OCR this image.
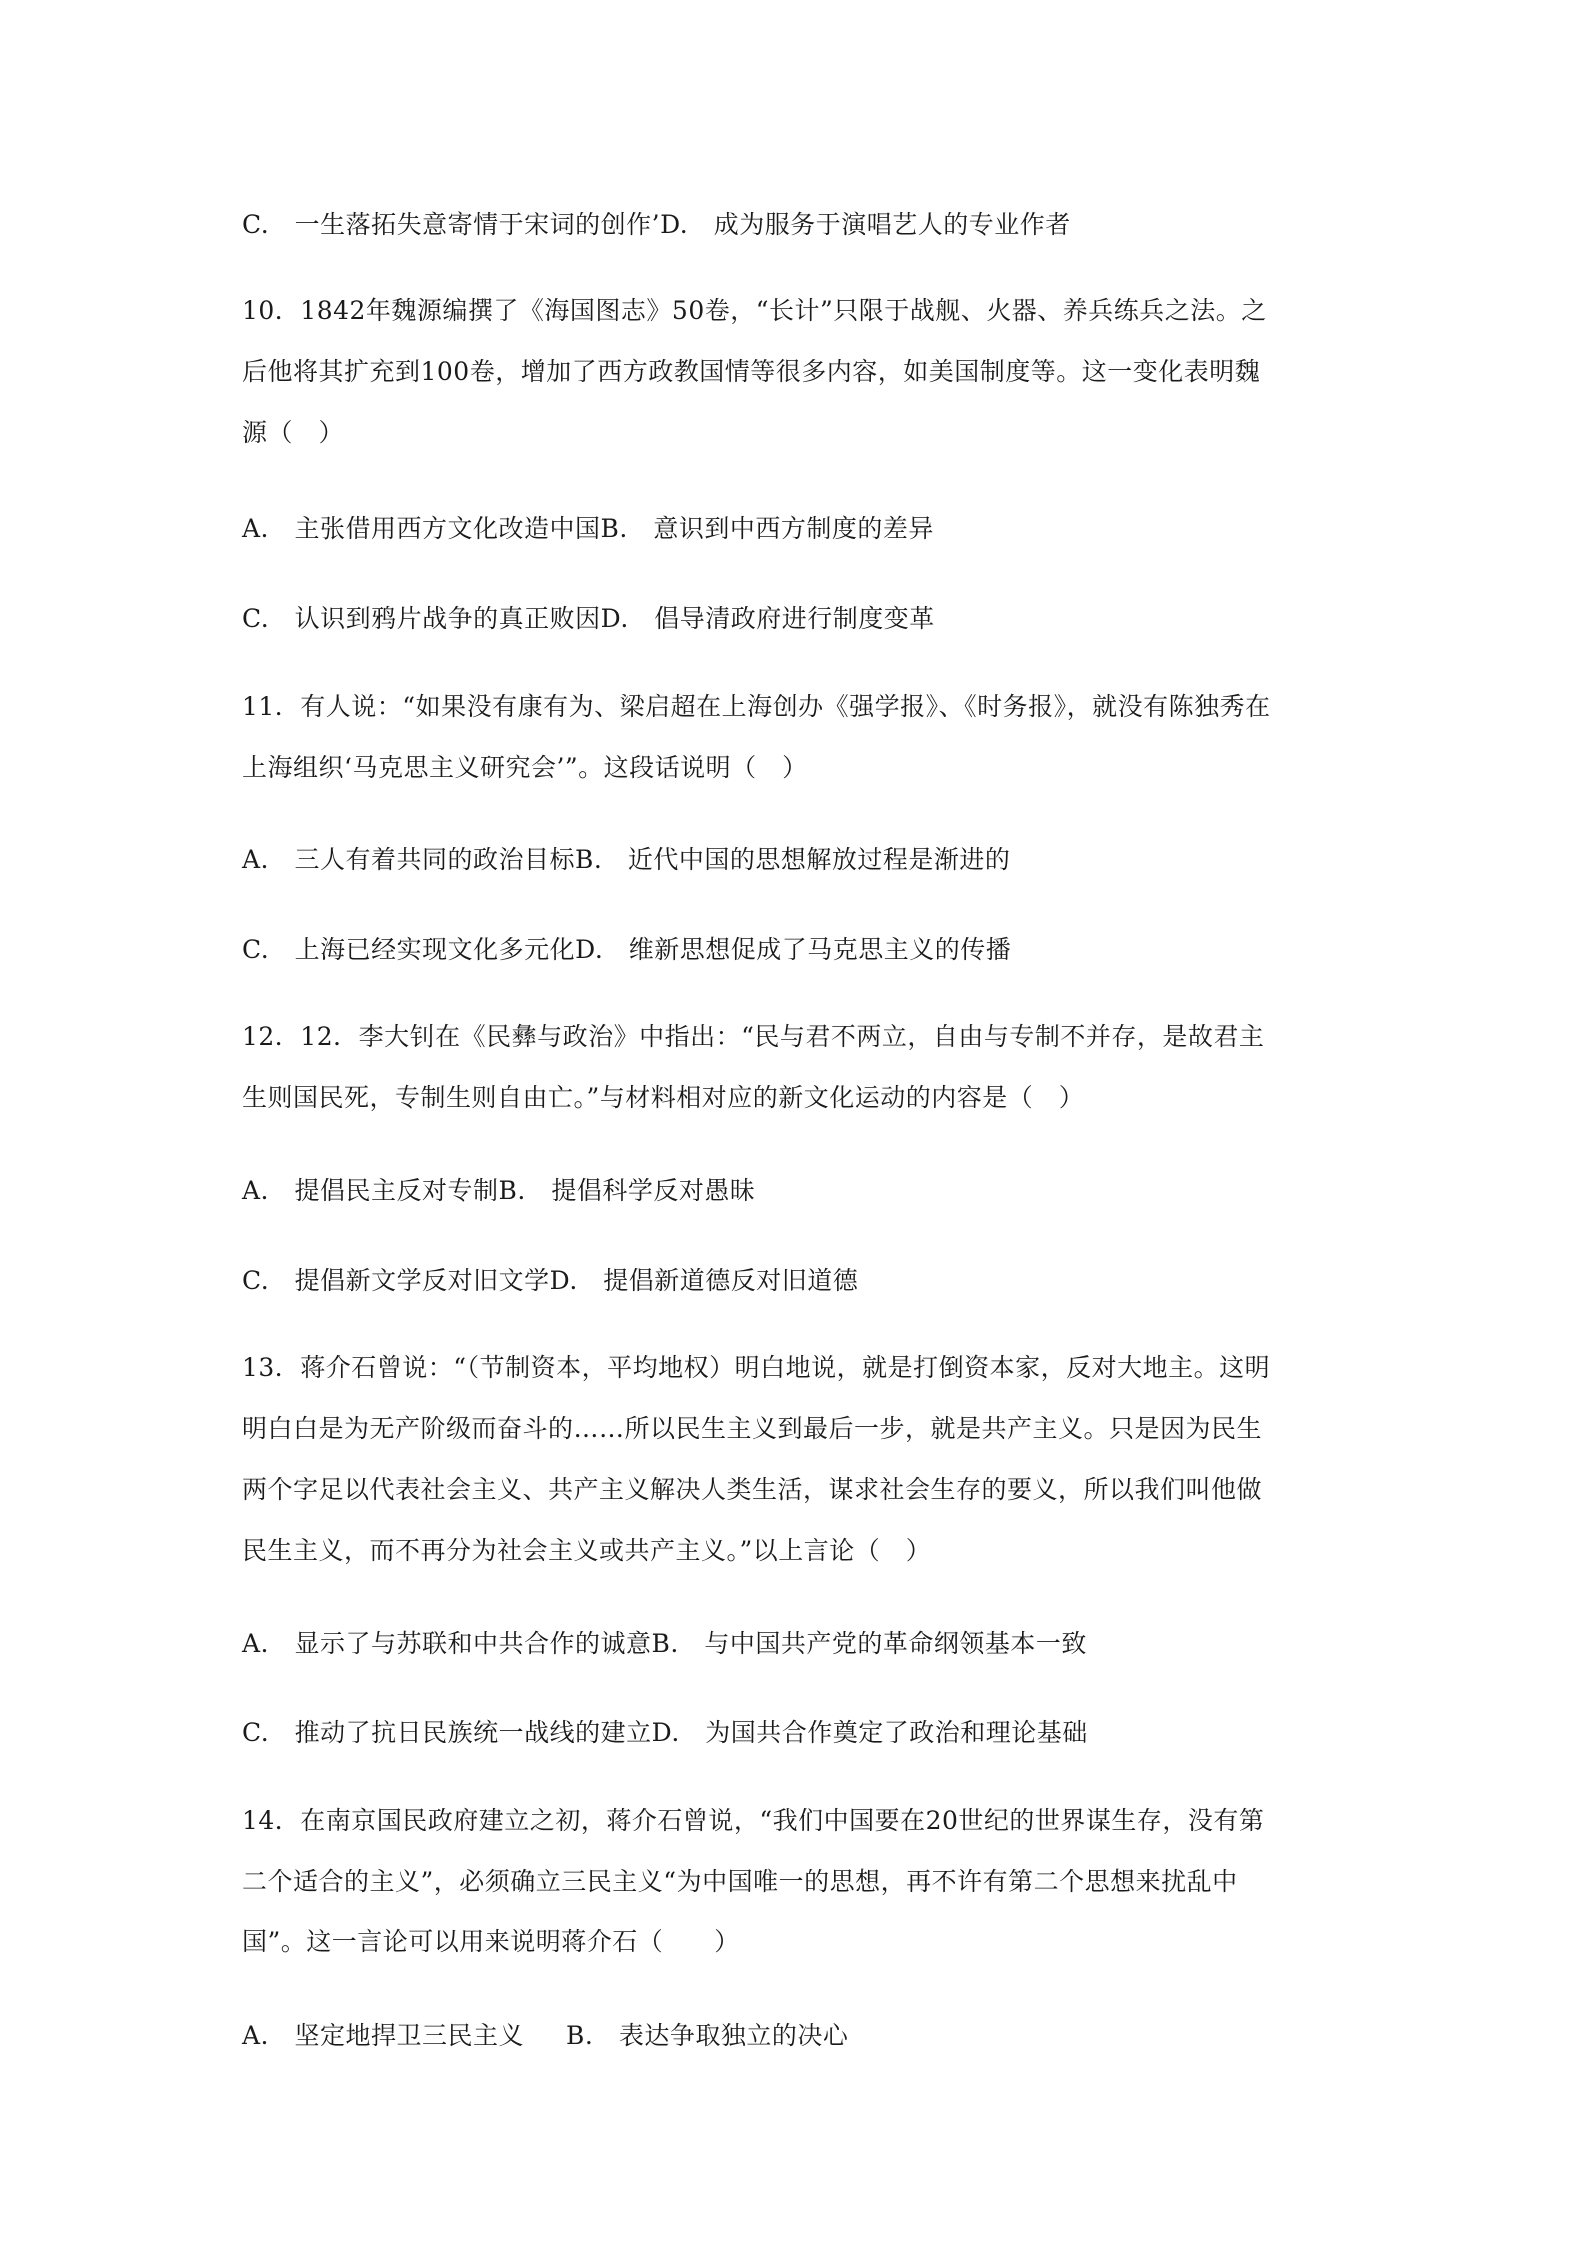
C.　一生落拓失意寄情于宋词的创作’D.　成为服务于演唱艺人的专业作者
10．1842年魏源编撰了《海国图志》50卷，“长计”只限于战舰、火器、养兵练兵之法。之
后他将其扩充到100卷，增加了西方政教国情等很多内容，如美国制度等。这一变化表明魏
源（　）
A.　主张借用西方文化改造中国B.　意识到中西方制度的差异
C.　认识到鸦片战争的真正败因D.　倡导清政府进行制度变革
11．有人说：“如果没有康有为、梁启超在上海创办《强学报》、《时务报》，就没有陈独秀在
上海组织‘马克思主义研究会’”。这段话说明（　）
A.　三人有着共同的政治目标B.　近代中国的思想解放过程是渐进的
C.　上海已经实现文化多元化D.　维新思想促成了马克思主义的传播
12．12．李大钊在《民彝与政治》中指出：“民与君不两立，自由与专制不并存，是故君主
生则国民死，专制生则自由亡。”与材料相对应的新文化运动的内容是（　）
A.　提倡民主反对专制B.　提倡科学反对愚昧
C.　提倡新文学反对旧文学D.　提倡新道德反对旧道德
13．蒋介石曾说：“（节制资本，平均地权）明白地说，就是打倒资本家，反对大地主。这明
明白白是为无产阶级而奋斗的……所以民生主义到最后一步，就是共产主义。只是因为民生
两个字足以代表社会主义、共产主义解决人类生活，谋求社会生存的要义，所以我们叫他做
民生主义，而不再分为社会主义或共产主义。”以上言论（　）
A.　显示了与苏联和中共合作的诚意B.　与中国共产党的革命纲领基本一致
C.　推动了抗日民族统一战线的建立D.　为国共合作奠定了政治和理论基础
14．在南京国民政府建立之初，蒋介石曾说，“我们中国要在20世纪的世界谋生存，没有第
二个适合的主义”，必须确立三民主义“为中国唯一的思想，再不许有第二个思想来扰乱中
国”。这一言论可以用来说明蒋介石（　　）
A.　坚定地捍卫三民主义 B.　表达争取独立的决心
